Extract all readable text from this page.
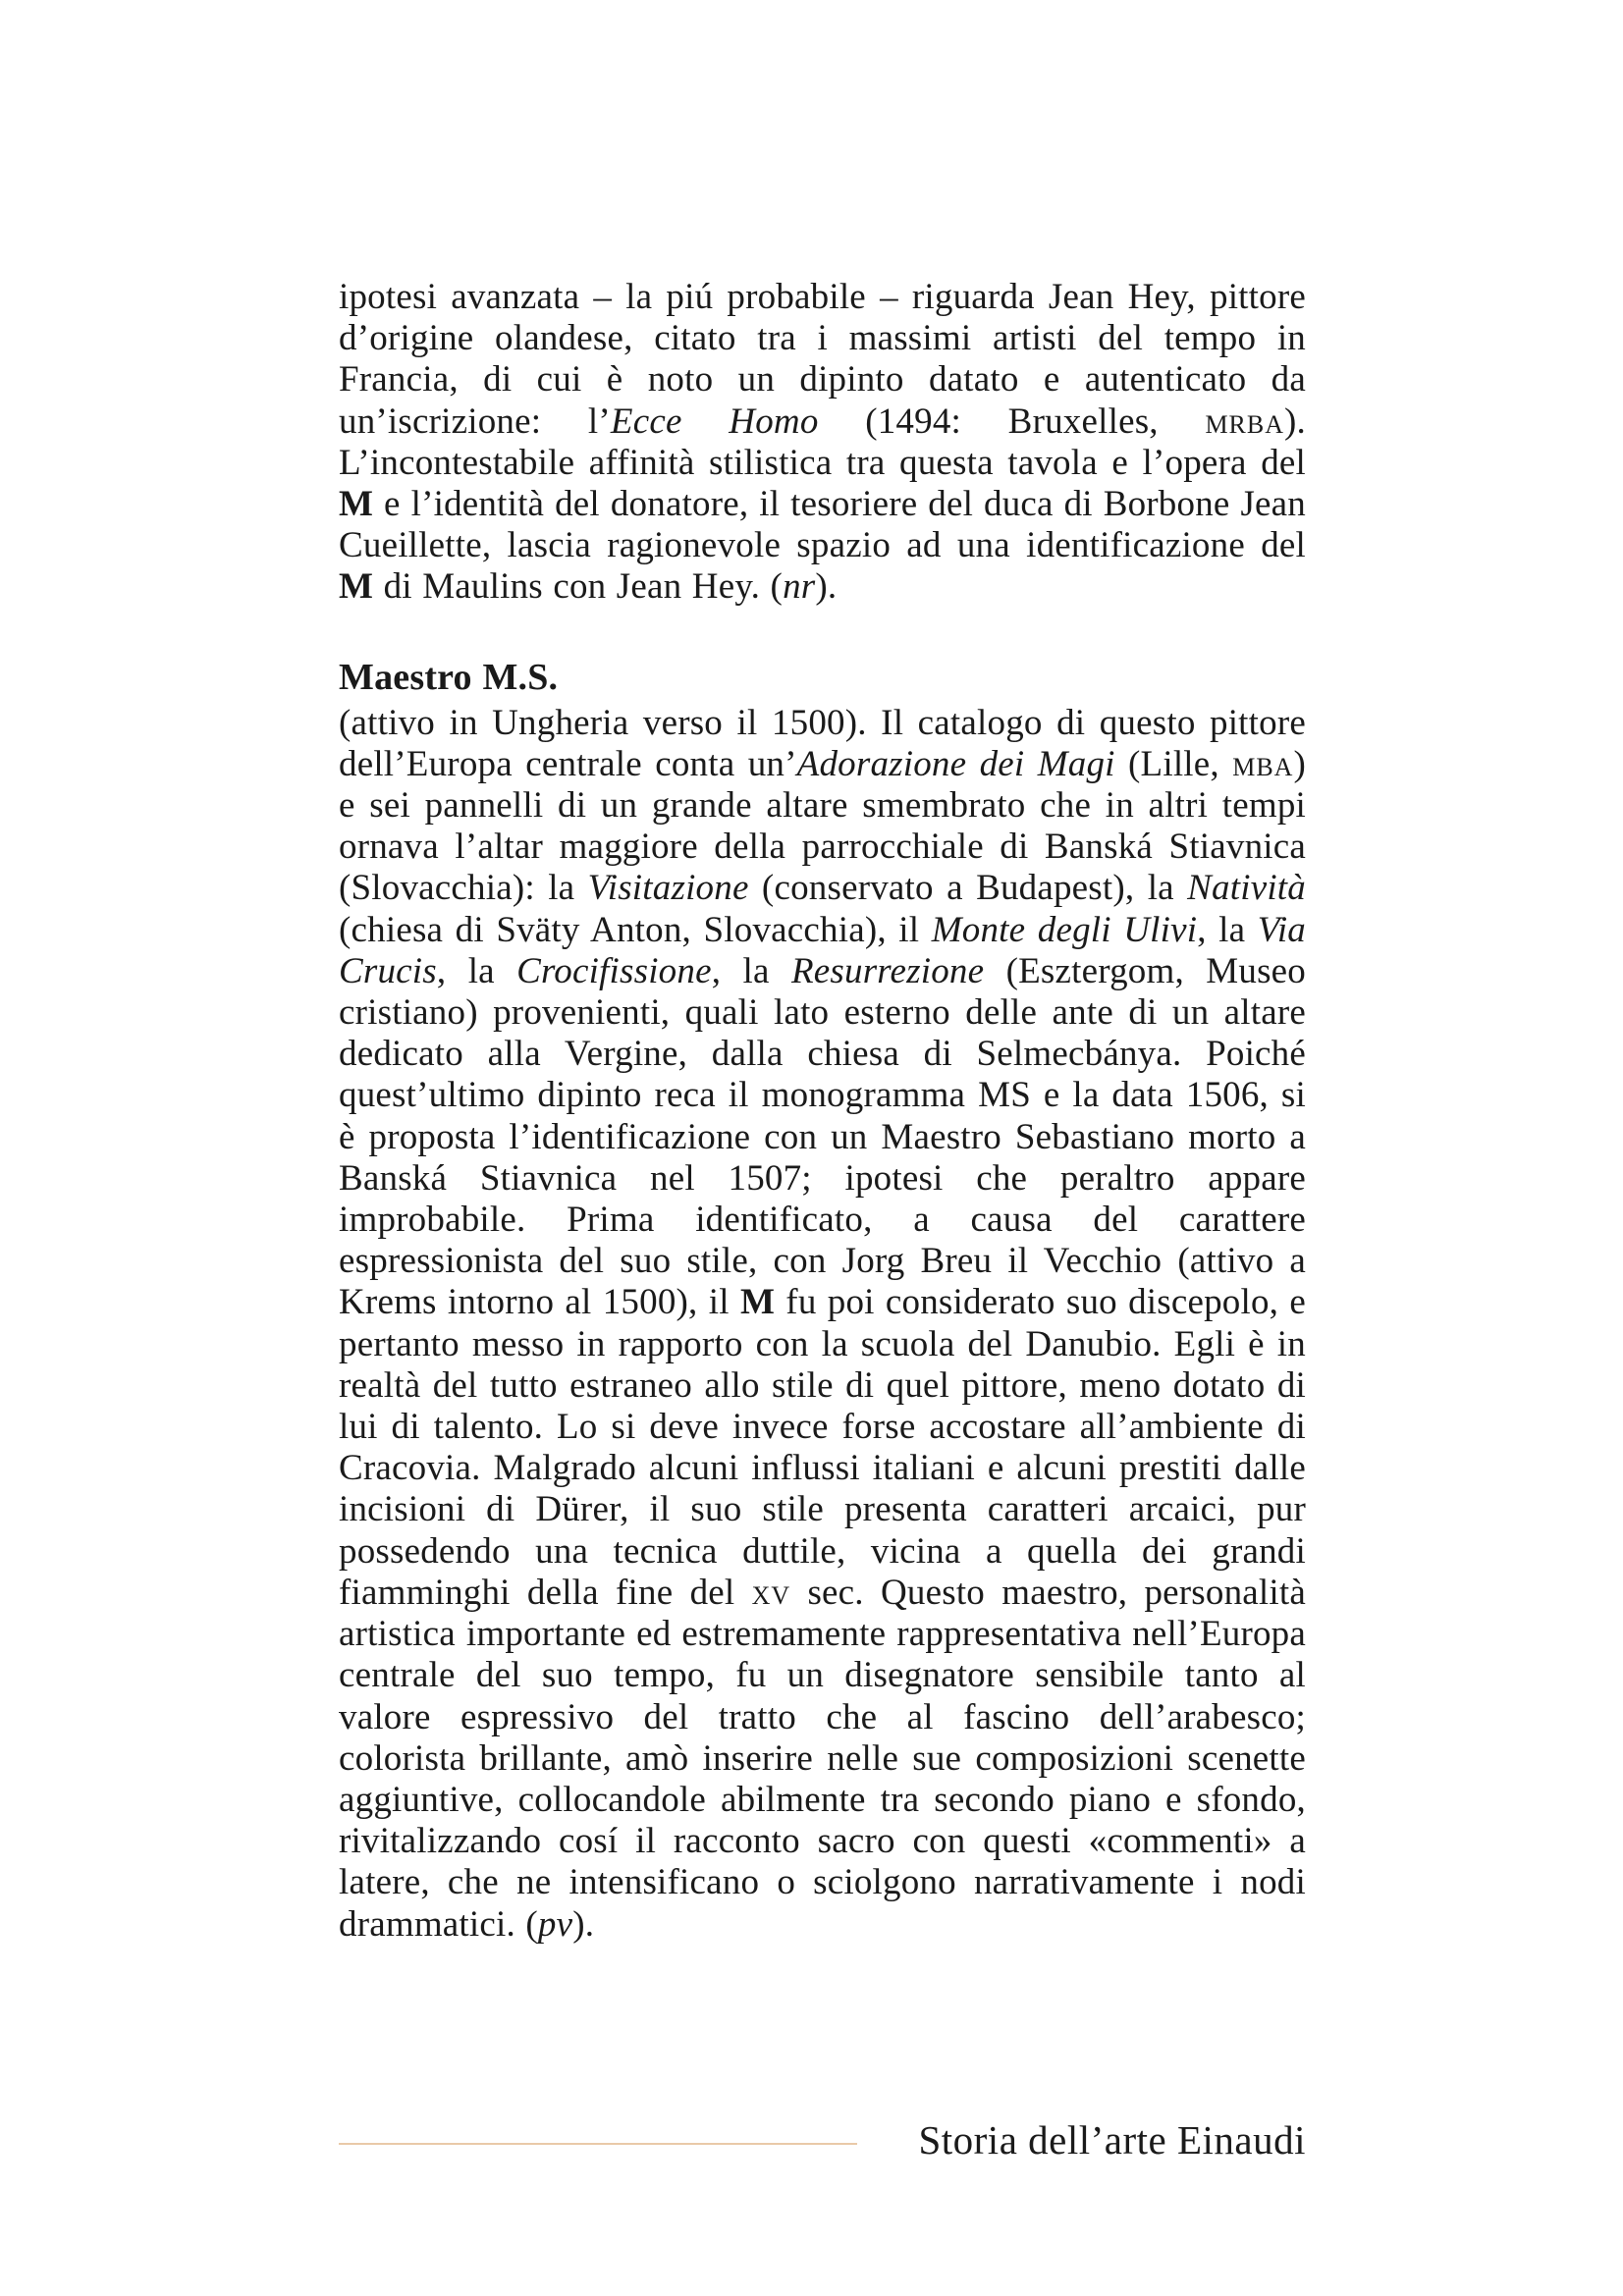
ipotesi avanzata – la piú probabile – riguarda Jean Hey, pittore d’origine olandese, citato tra i massimi artisti del tempo in Francia, di cui è noto un dipinto datato e autenticato da un’iscrizione: l’Ecce Homo (1494: Bruxelles, mrba). L’incontestabile affinità stilistica tra questa tavola e l’opera del M e l’identità del donatore, il tesoriere del duca di Borbone Jean Cueillette, lascia ragionevole spazio ad una identificazione del M di Maulins con Jean Hey. (nr).

Maestro M.S.

(attivo in Ungheria verso il 1500). Il catalogo di questo pittore dell’Europa centrale conta un’Adorazione dei Magi (Lille, mba) e sei pannelli di un grande altare smembrato che in altri tempi ornava l’altar maggiore della parrocchiale di Banská Stiavnica (Slovacchia): la Visitazione (conservato a Budapest), la Natività (chiesa di Sväty Anton, Slovacchia), il Monte degli Ulivi, la Via Crucis, la Crocifissione, la Resurrezione (Esztergom, Museo cristiano) provenienti, quali lato esterno delle ante di un altare dedicato alla Vergine, dalla chiesa di Selmecbánya. Poiché quest’ultimo dipinto reca il monogramma MS e la data 1506, si è proposta l’identificazione con un Maestro Sebastiano morto a Banská Stiavnica nel 1507; ipotesi che peraltro appare improbabile. Prima identificato, a causa del carattere espressionista del suo stile, con Jorg Breu il Vecchio (attivo a Krems intorno al 1500), il M fu poi considerato suo discepolo, e pertanto messo in rapporto con la scuola del Danubio. Egli è in realtà del tutto estraneo allo stile di quel pittore, meno dotato di lui di talento. Lo si deve invece forse accostare all’ambiente di Cracovia. Malgrado alcuni influssi italiani e alcuni prestiti dalle incisioni di Dürer, il suo stile presenta caratteri arcaici, pur possedendo una tecnica duttile, vicina a quella dei grandi fiamminghi della fine del xv sec. Questo maestro, personalità artistica importante ed estremamente rappresentativa nell’Europa centrale del suo tempo, fu un disegnatore sensibile tanto al valore espressivo del tratto che al fascino dell’arabesco; colorista brillante, amò inserire nelle sue composizioni scenette aggiuntive, collocandole abilmente tra secondo piano e sfondo, rivitalizzando cosí il racconto sacro con questi «commenti» a latere, che ne intensificano o sciolgono narrativamente i nodi drammatici. (pv).

Storia dell’arte Einaudi
